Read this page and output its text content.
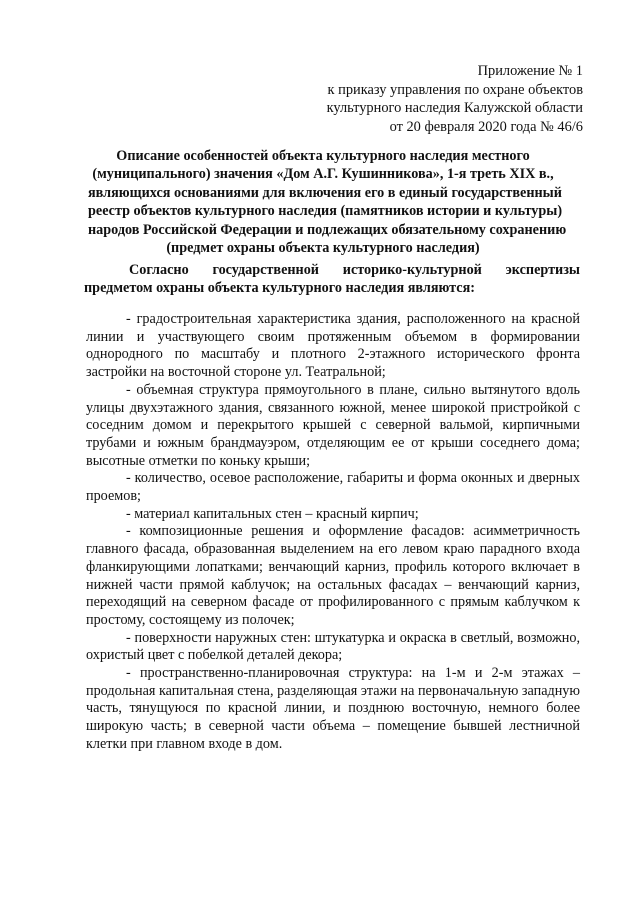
Приложение № 1
к приказу управления по охране объектов
культурного наследия Калужской области
от 20 февраля 2020 года № 46/6
Описание особенностей объекта культурного наследия местного
(муниципального) значения «Дом А.Г. Кушинникова», 1-я треть XIX в.,
являющихся основаниями для включения его в единый государственный
реестр объектов культурного наследия (памятников истории и культуры)
народов Российской Федерации и подлежащих обязательному сохранению
(предмет охраны объекта культурного наследия)
Согласно государственной историко-культурной экспертизы
предметом охраны объекта культурного наследия являются:

- градостроительная характеристика здания, расположенного на красной линии и участвующего своим протяженным объемом в формировании однородного по масштабу и плотного 2-этажного исторического фронта застройки на восточной стороне ул. Театральной;

- объемная структура прямоугольного в плане, сильно вытянутого вдоль улицы двухэтажного здания, связанного южной, менее широкой пристройкой с соседним домом и перекрытого крышей с северной вальмой, кирпичными трубами и южным брандмауэром, отделяющим ее от крыши соседнего дома; высотные отметки по коньку крыши;

- количество, осевое расположение, габариты и форма оконных и дверных проемов;

- материал капитальных стен – красный кирпич;

- композиционные решения и оформление фасадов: асимметричность главного фасада, образованная выделением на его левом краю парадного входа фланкирующими лопатками; венчающий карниз, профиль которого включает в нижней части прямой каблучок; на остальных фасадах – венчающий карниз, переходящий на северном фасаде от профилированного с прямым каблучком к простому, состоящему из полочек;

- поверхности наружных стен: штукатурка и окраска в светлый, возможно, охристый цвет с побелкой деталей декора;

- пространственно-планировочная структура: на 1-м и 2-м этажах – продольная капитальная стена, разделяющая этажи на первоначальную западную часть, тянущуюся по красной линии, и позднюю восточную, немного более широкую часть; в северной части объема – помещение бывшей лестничной клетки при главном входе в дом.
